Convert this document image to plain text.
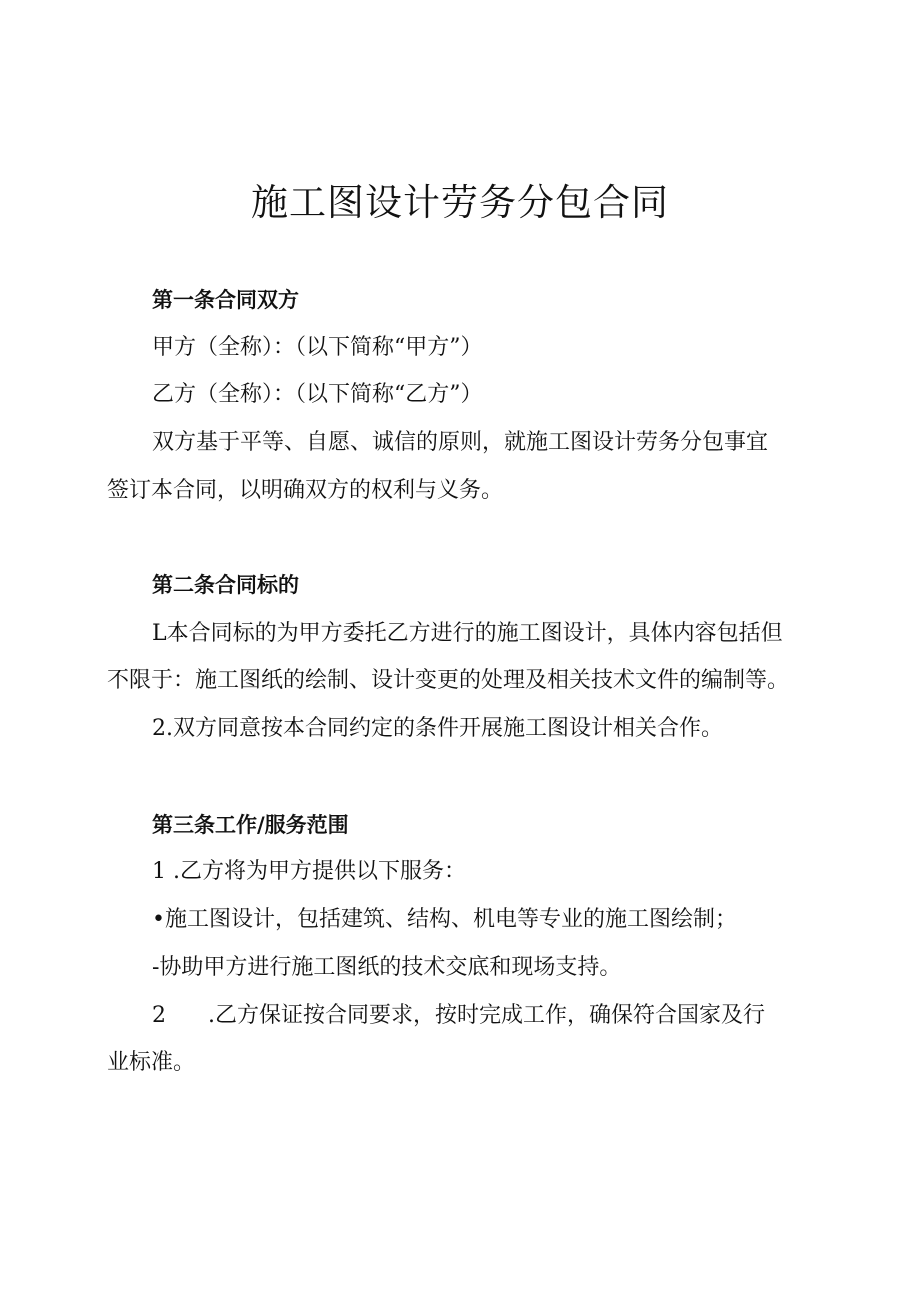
施工图设计劳务分包合同
第一条合同双方
甲方（全称）：（以下简称“甲方”）
乙方（全称）：（以下简称“乙方”）
双方基于平等、自愿、诚信的原则，就施工图设计劳务分包事宜
签订本合同，以明确双方的权利与义务。
第二条合同标的
L本合同标的为甲方委托乙方进行的施工图设计，具体内容包括但
不限于：施工图纸的绘制、设计变更的处理及相关技术文件的编制等。
2.双方同意按本合同约定的条件开展施工图设计相关合作。
第三条工作/服务范围
1 .乙方将为甲方提供以下服务：
•施工图设计，包括建筑、结构、机电等专业的施工图绘制；
-协助甲方进行施工图纸的技术交底和现场支持。
2 .乙方保证按合同要求，按时完成工作，确保符合国家及行
业标准。
